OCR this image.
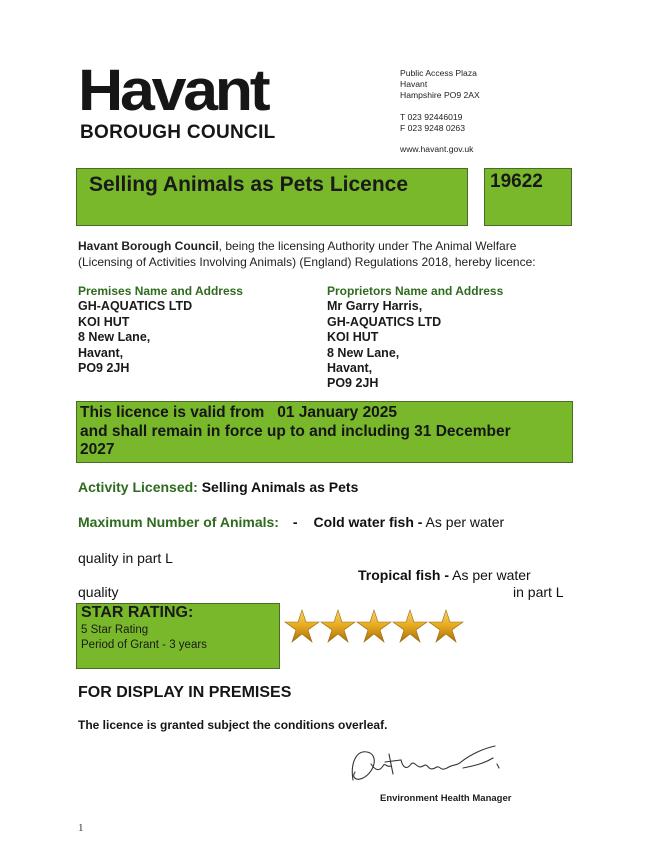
Havant
BOROUGH COUNCIL
Public Access Plaza
Havant
Hampshire PO9 2AX
T 023 92446019
F 023 9248 0263
www.havant.gov.uk
Selling Animals as Pets Licence	19622
Havant Borough Council, being the licensing Authority under The Animal Welfare
(Licensing of Activities Involving Animals) (England) Regulations 2018, hereby licence:
Premises Name and Address
GH-AQUATICS LTD
KOI HUT
8 New Lane,
Havant,
PO9 2JH
Proprietors Name and Address
Mr Garry Harris,
GH-AQUATICS LTD
KOI HUT
8 New Lane,
Havant,
PO9 2JH
This licence is valid from   01 January 2025
and shall remain in force up to and including 31 December
2027
Activity Licensed: Selling Animals as Pets
Maximum Number of Animals: - Cold water fish - As per water
quality in part L
Tropical fish - As per water
quality	in part L
STAR RATING:
5 Star Rating
Period of Grant - 3 years
FOR DISPLAY IN PREMISES
The licence is granted subject the conditions overleaf.
Environment Health Manager
1
